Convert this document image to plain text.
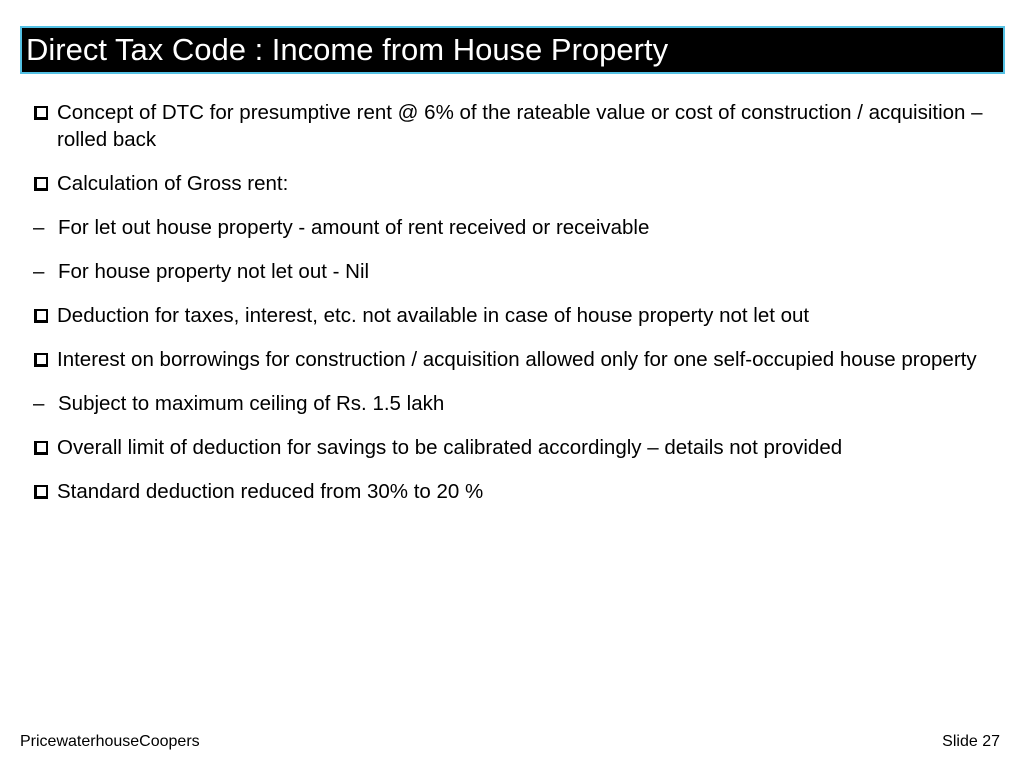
Direct Tax Code : Income from House Property
Concept of DTC for presumptive rent @ 6% of the rateable value or cost of construction / acquisition – rolled back
Calculation of Gross rent:
– For let out house property - amount of rent received or receivable
– For house property not let out - Nil
Deduction for taxes, interest, etc. not available in case of house property not let out
Interest on borrowings for construction / acquisition allowed only for one self-occupied house property
– Subject to maximum ceiling of Rs. 1.5 lakh
Overall limit of deduction for savings to be calibrated accordingly – details not provided
Standard deduction reduced from 30% to 20 %
PricewaterhouseCoopers	Slide 27
